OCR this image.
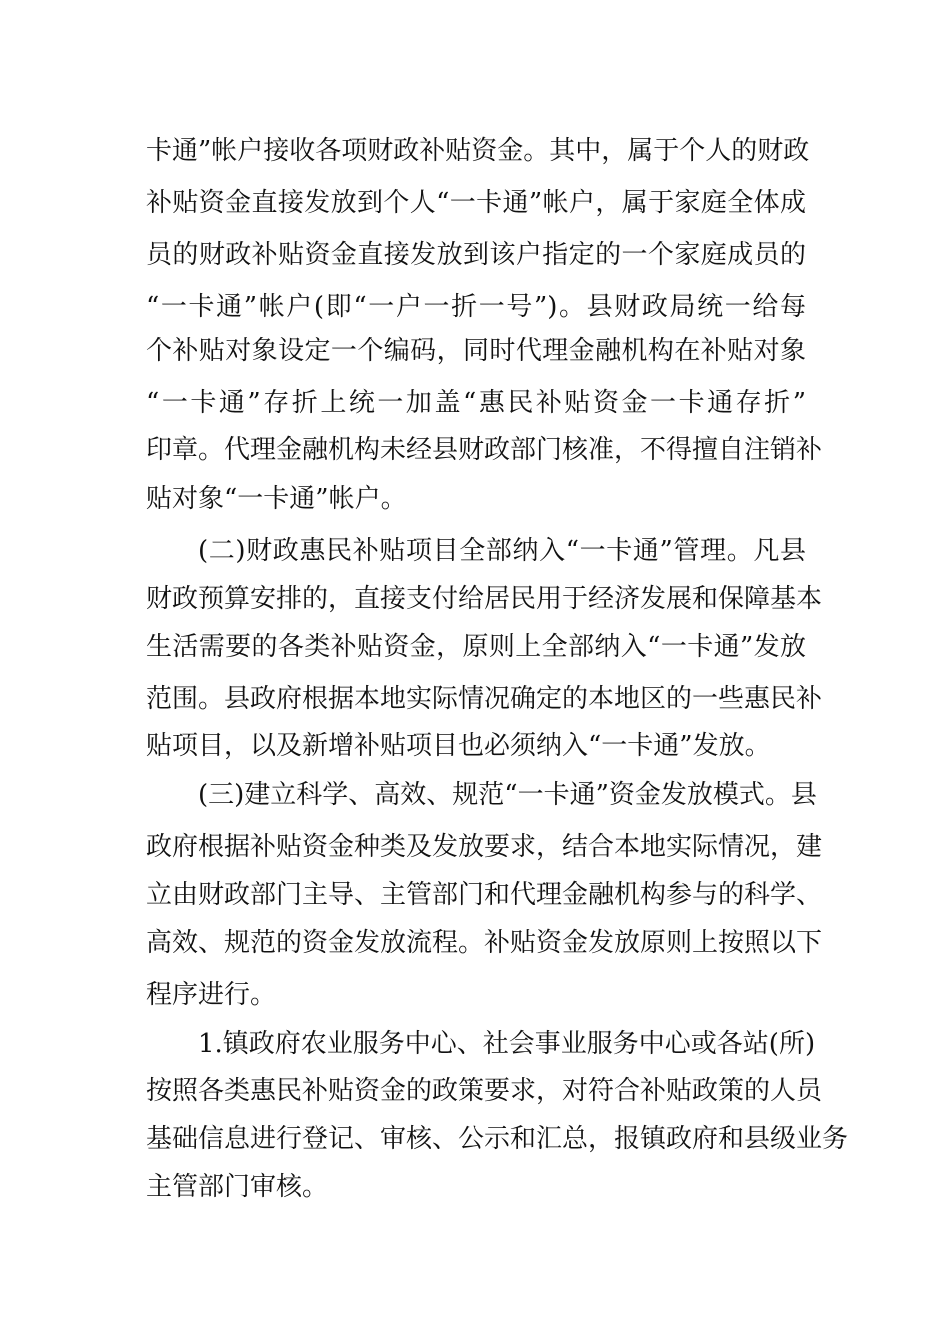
卡通”帐户接收各项财政补贴资金。其中，属于个人的财政
补贴资金直接发放到个人“一卡通”帐户，属于家庭全体成
员的财政补贴资金直接发放到该户指定的一个家庭成员的
“一卡通”帐户(即“一户一折一号”)。县财政局统一给每
个补贴对象设定一个编码，同时代理金融机构在补贴对象
“一卡通”存折上统一加盖“惠民补贴资金一卡通存折”
印章。代理金融机构未经县财政部门核准，不得擅自注销补
贴对象“一卡通”帐户。
(二)财政惠民补贴项目全部纳入“一卡通”管理。凡县
财政预算安排的，直接支付给居民用于经济发展和保障基本
生活需要的各类补贴资金，原则上全部纳入“一卡通”发放
范围。县政府根据本地实际情况确定的本地区的一些惠民补
贴项目，以及新增补贴项目也必须纳入“一卡通”发放。
(三)建立科学、高效、规范“一卡通”资金发放模式。县
政府根据补贴资金种类及发放要求，结合本地实际情况，建
立由财政部门主导、主管部门和代理金融机构参与的科学、
高效、规范的资金发放流程。补贴资金发放原则上按照以下
程序进行。
1.镇政府农业服务中心、社会事业服务中心或各站(所)
按照各类惠民补贴资金的政策要求，对符合补贴政策的人员
基础信息进行登记、审核、公示和汇总，报镇政府和县级业务
主管部门审核。
